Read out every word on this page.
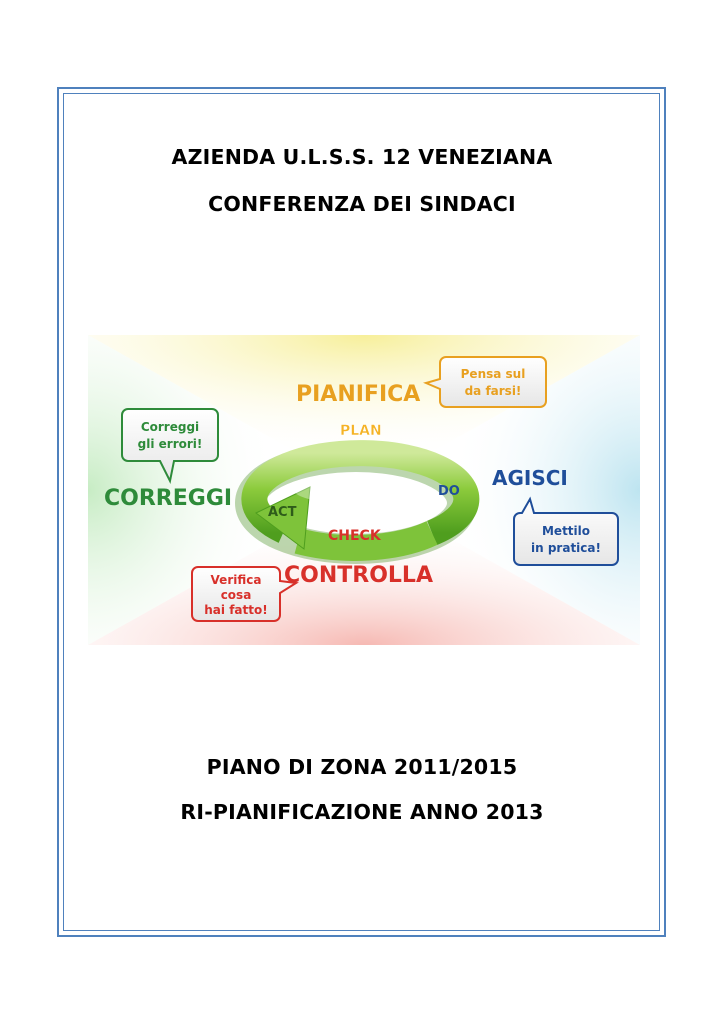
AZIENDA U.L.S.S. 12 VENEZIANA
CONFERENZA DEI SINDACI
PLAN
DO
CHECK
ACT
PIANIFICA
AGISCI
CONTROLLA
CORREGGI
Pensa sul
da farsi!
Correggi
gli errori!
Mettilo
in pratica!
Verifica
cosa
hai fatto!
PIANO DI ZONA 2011/2015
RI-PIANIFICAZIONE ANNO 2013
